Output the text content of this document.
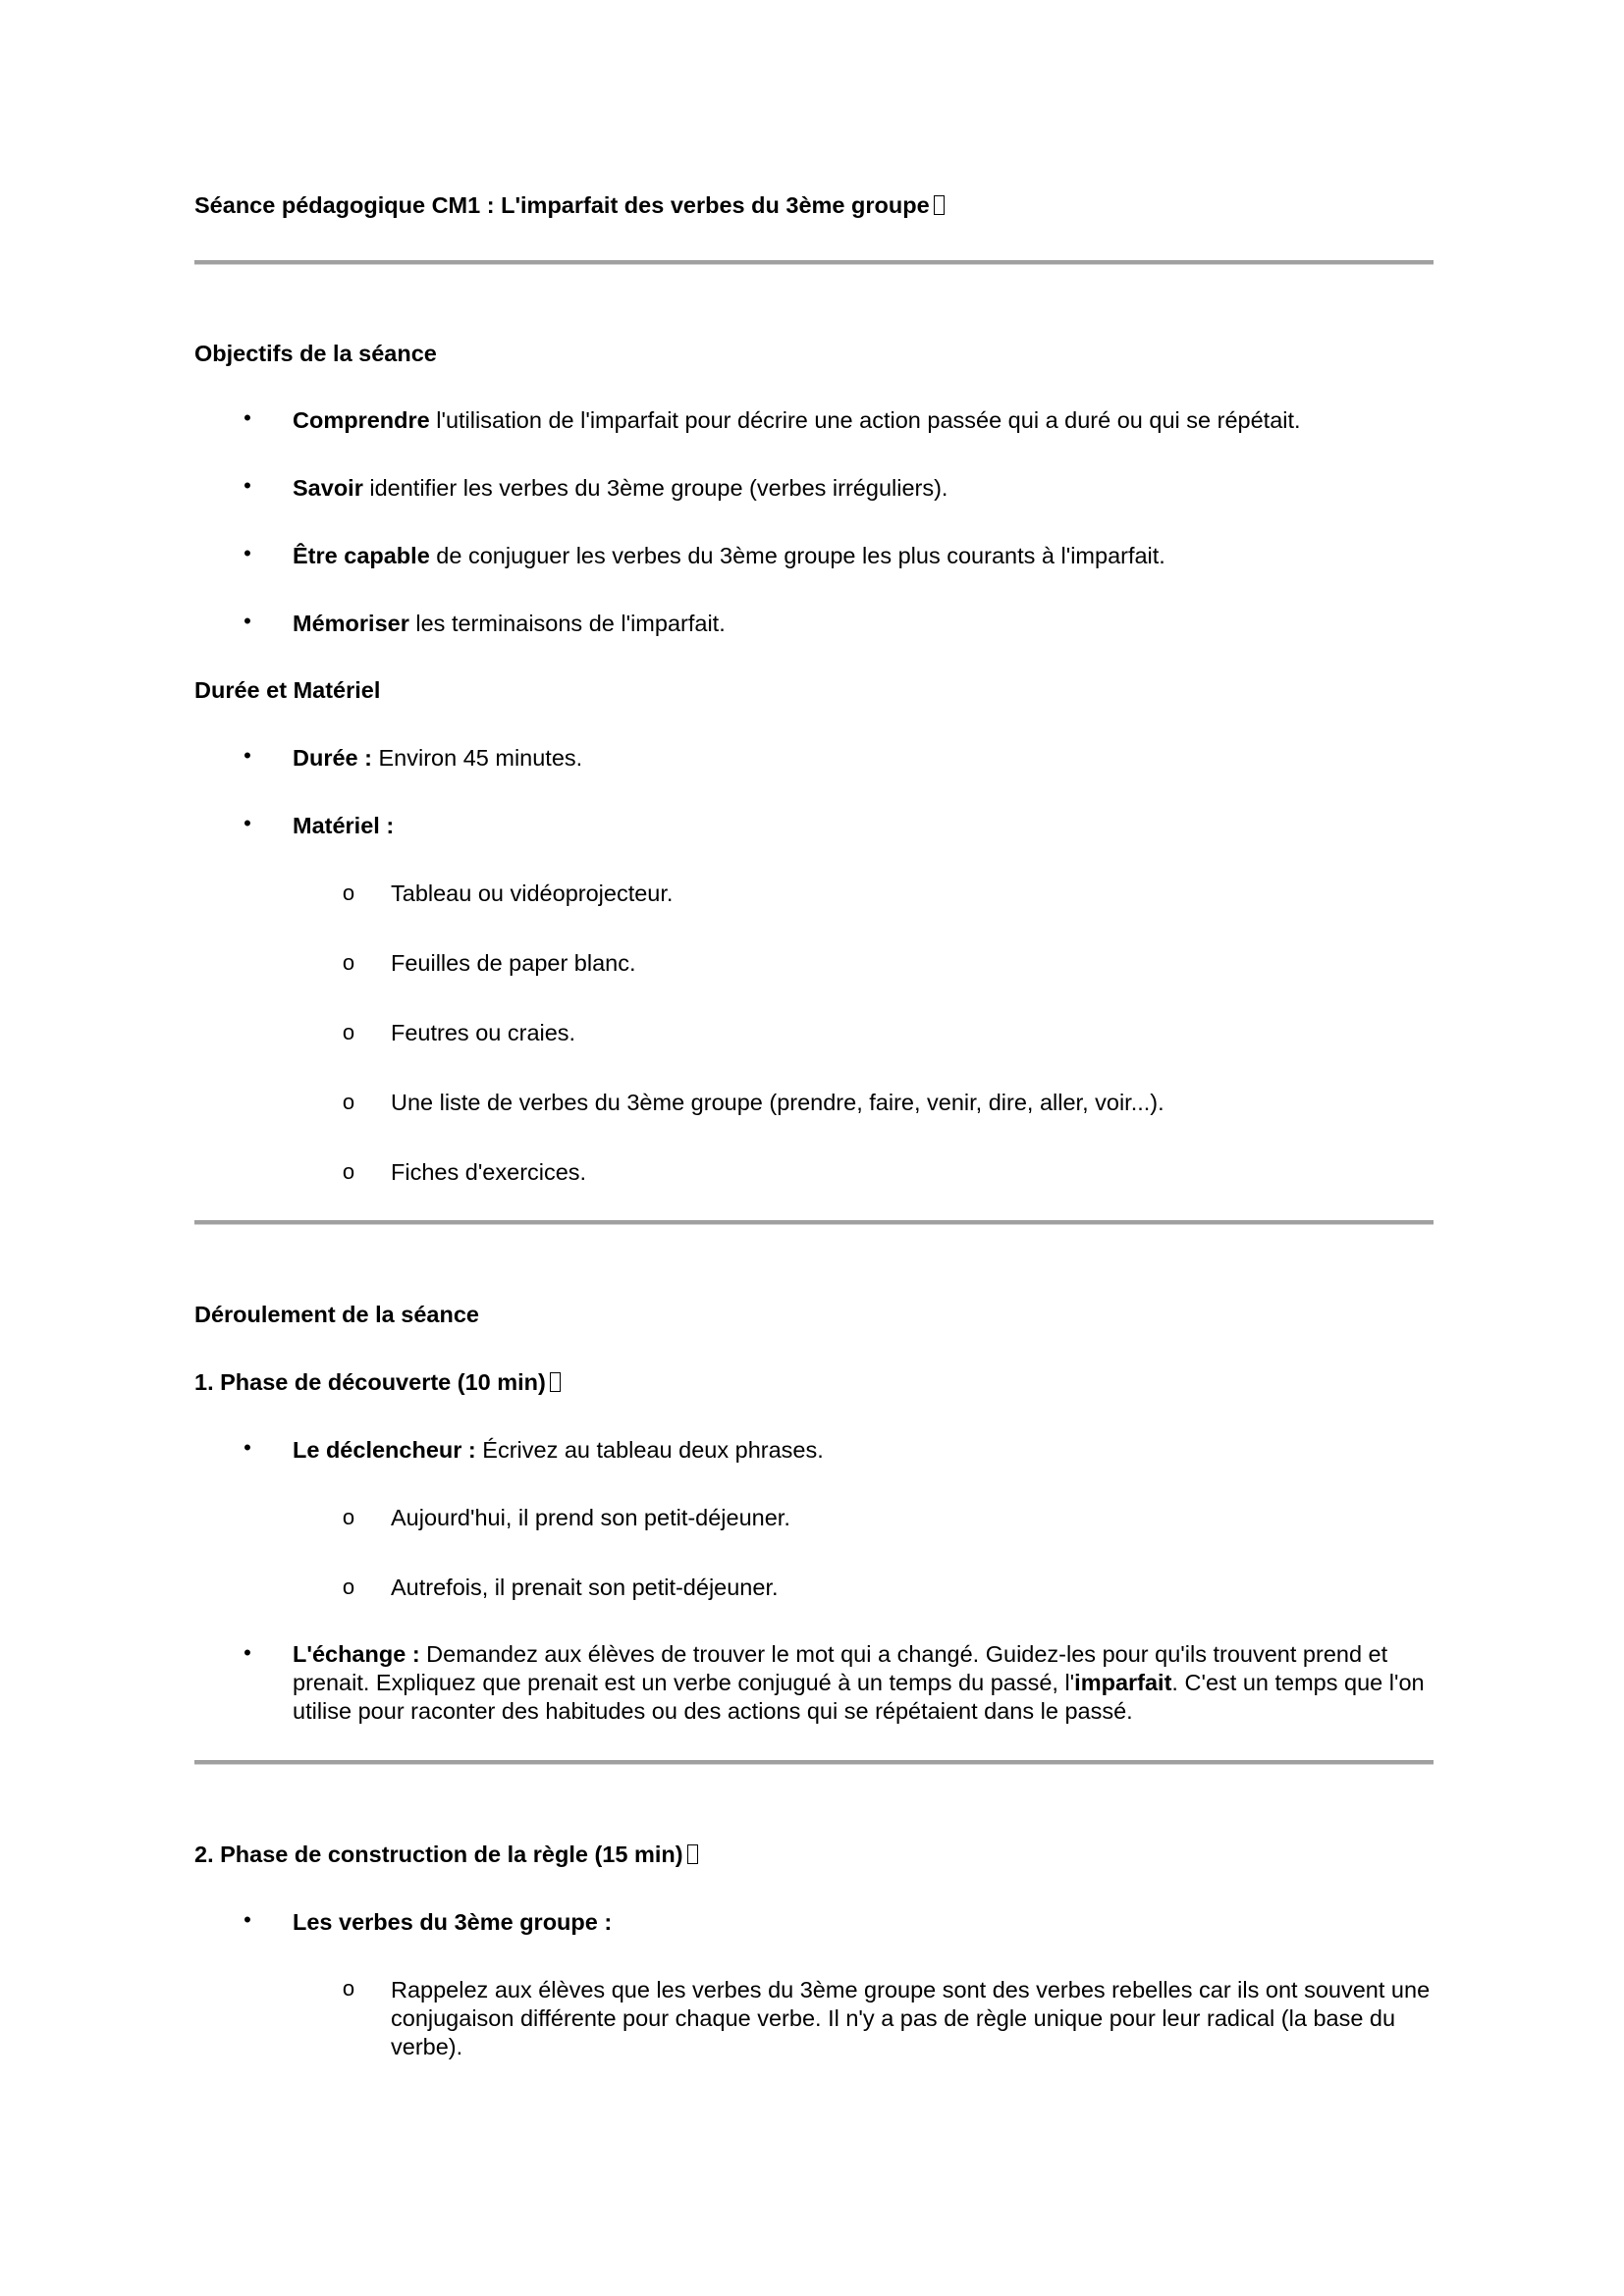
Séance pédagogique CM1 : L'imparfait des verbes du 3ème groupe
Objectifs de la séance
• Comprendre l'utilisation de l'imparfait pour décrire une action passée qui a duré ou qui se répétait.
• Savoir identifier les verbes du 3ème groupe (verbes irréguliers).
• Être capable de conjuguer les verbes du 3ème groupe les plus courants à l'imparfait.
• Mémoriser les terminaisons de l'imparfait.
Durée et Matériel
• Durée : Environ 45 minutes.
• Matériel :
o Tableau ou vidéoprojecteur.
o Feuilles de paper blanc.
o Feutres ou craies.
o Une liste de verbes du 3ème groupe (prendre, faire, venir, dire, aller, voir...).
o Fiches d'exercices.
Déroulement de la séance
1. Phase de découverte (10 min)
• Le déclencheur : Écrivez au tableau deux phrases.
o Aujourd'hui, il prend son petit-déjeuner.
o Autrefois, il prenait son petit-déjeuner.
• L'échange : Demandez aux élèves de trouver le mot qui a changé. Guidez-les pour qu'ils trouvent prend et prenait. Expliquez que prenait est un verbe conjugué à un temps du passé, l'imparfait. C'est un temps que l'on utilise pour raconter des habitudes ou des actions qui se répétaient dans le passé.
2. Phase de construction de la règle (15 min)
• Les verbes du 3ème groupe :
o Rappelez aux élèves que les verbes du 3ème groupe sont des verbes rebelles car ils ont souvent une conjugaison différente pour chaque verbe. Il n'y a pas de règle unique pour leur radical (la base du verbe).
